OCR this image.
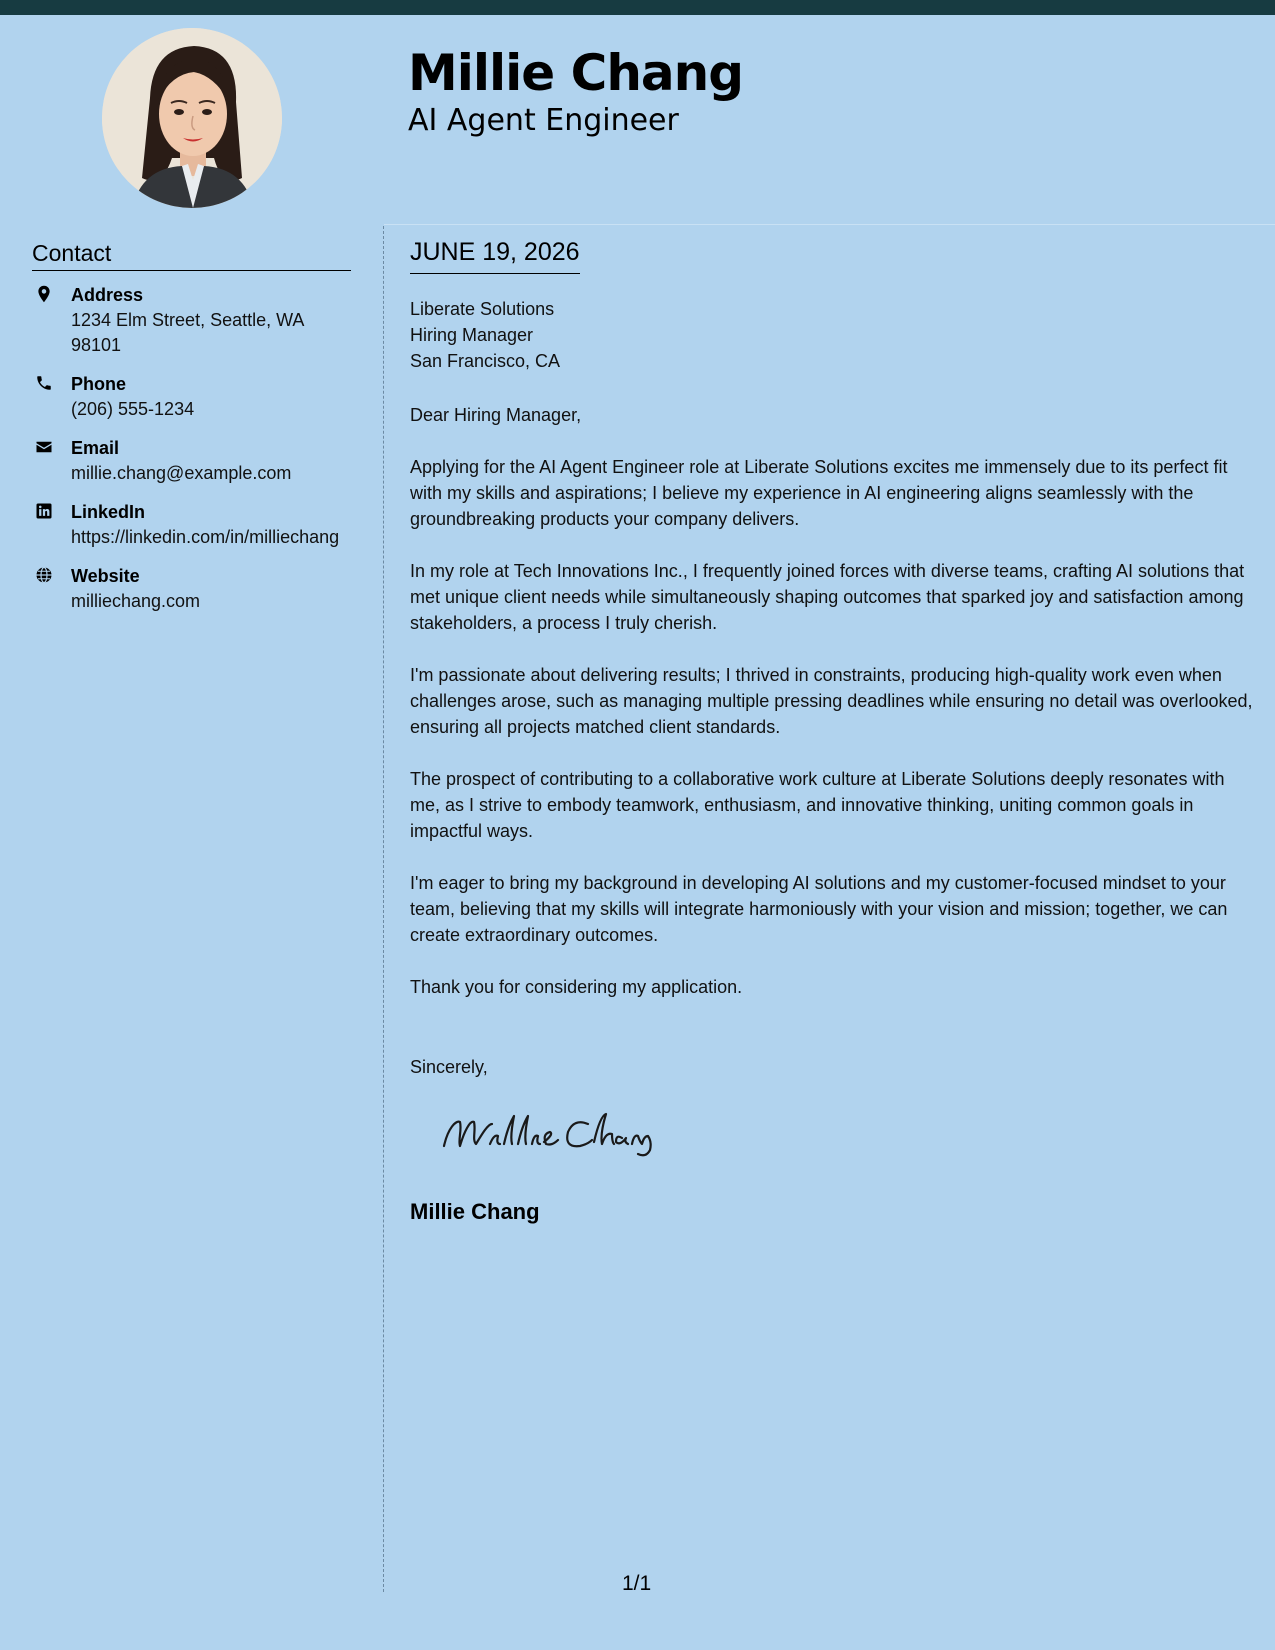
Millie Chang
AI Agent Engineer
Contact
Address
1234 Elm Street, Seattle, WA 98101
Phone
(206) 555-1234
Email
millie.chang@example.com
LinkedIn
https://linkedin.com/in/milliechang
Website
milliechang.com
JUNE 19, 2026
Liberate Solutions
Hiring Manager
San Francisco, CA
Dear Hiring Manager,
Applying for the AI Agent Engineer role at Liberate Solutions excites me immensely due to its perfect fit with my skills and aspirations; I believe my experience in AI engineering aligns seamlessly with the groundbreaking products your company delivers.
In my role at Tech Innovations Inc., I frequently joined forces with diverse teams, crafting AI solutions that met unique client needs while simultaneously shaping outcomes that sparked joy and satisfaction among stakeholders, a process I truly cherish.
I'm passionate about delivering results; I thrived in constraints, producing high-quality work even when challenges arose, such as managing multiple pressing deadlines while ensuring no detail was overlooked, ensuring all projects matched client standards.
The prospect of contributing to a collaborative work culture at Liberate Solutions deeply resonates with me, as I strive to embody teamwork, enthusiasm, and innovative thinking, uniting common goals in impactful ways.
I'm eager to bring my background in developing AI solutions and my customer-focused mindset to your team, believing that my skills will integrate harmoniously with your vision and mission; together, we can create extraordinary outcomes.
Thank you for considering my application.
Sincerely,
Millie Chang
1/1
